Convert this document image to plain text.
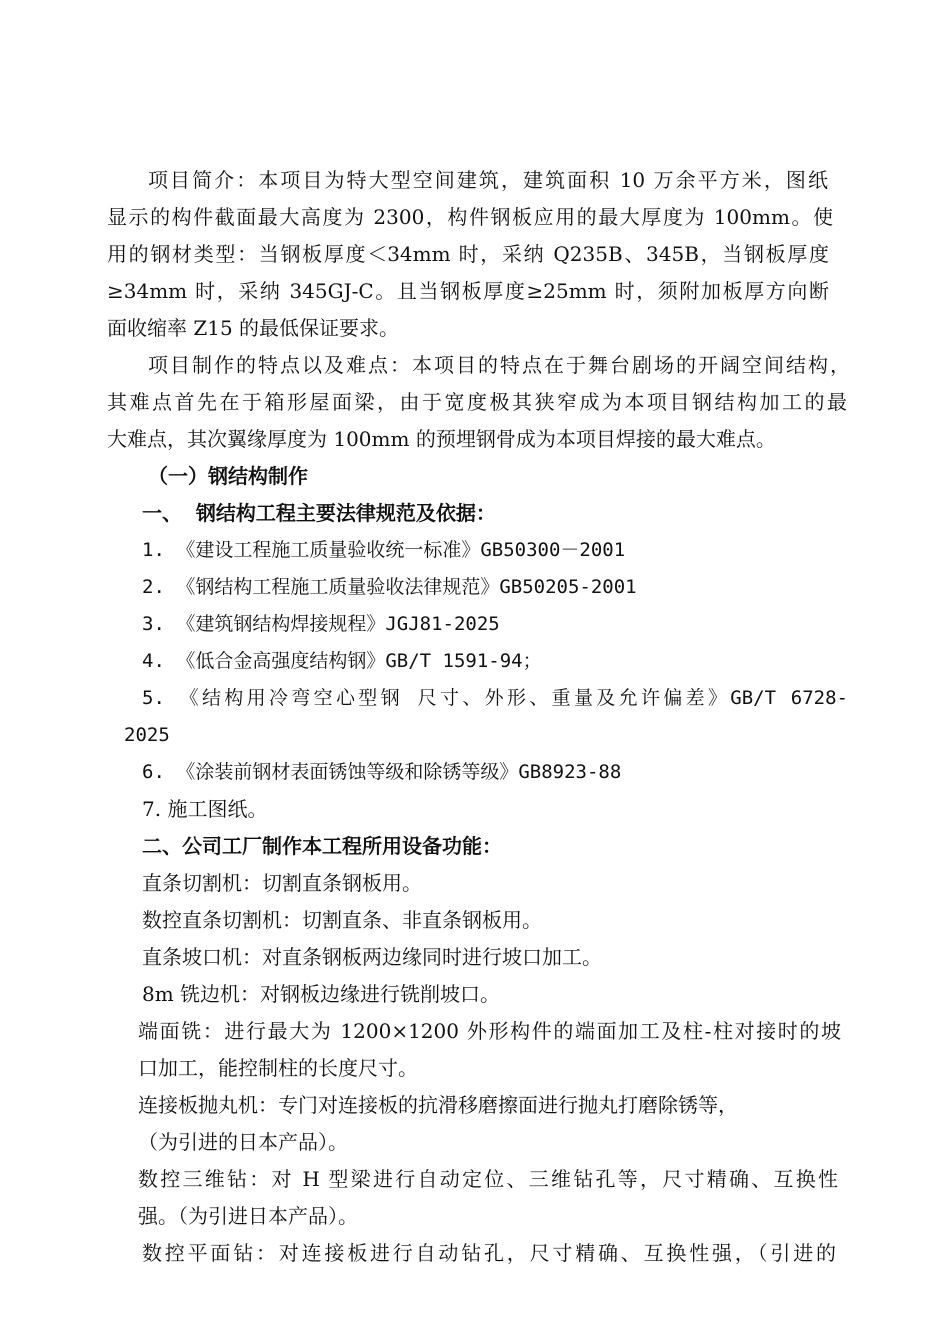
项目简介：本项目为特大型空间建筑，建筑面积 10 万余平方米，图纸
显示的构件截面最大高度为 2300，构件钢板应用的最大厚度为 100mm。使
用的钢材类型：当钢板厚度＜34mm 时，采纳 Q235B、345B，当钢板厚度
≥34mm 时，采纳 345GJ-C。且当钢板厚度≥25mm 时，须附加板厚方向断
面收缩率 Z15 的最低保证要求。
项目制作的特点以及难点：本项目的特点在于舞台剧场的开阔空间结构，
其难点首先在于箱形屋面梁，由于宽度极其狭窄成为本项目钢结构加工的最
大难点，其次翼缘厚度为 100mm 的预埋钢骨成为本项目焊接的最大难点。
（一）钢结构制作
一、  钢结构工程主要法律规范及依据：
1. 《建设工程施工质量验收统一标准》GB50300－2001
2. 《钢结构工程施工质量验收法律规范》GB50205-2001
3. 《建筑钢结构焊接规程》JGJ81-2025
4. 《低合金高强度结构钢》GB/T 1591-94；
5. 《结构用冷弯空心型钢 尺寸、外形、重量及允许偏差》GB/T 6728-
2025
6. 《涂装前钢材表面锈蚀等级和除锈等级》GB8923-88
7. 施工图纸。
二、公司工厂制作本工程所用设备功能：
直条切割机：切割直条钢板用。
数控直条切割机：切割直条、非直条钢板用。
直条坡口机：对直条钢板两边缘同时进行坡口加工。
8m 铣边机：对钢板边缘进行铣削坡口。
端面铣：进行最大为 1200×1200 外形构件的端面加工及柱-柱对接时的坡
口加工，能控制柱的长度尺寸。
连接板抛丸机：专门对连接板的抗滑移磨擦面进行抛丸打磨除锈等，
（为引进的日本产品）。
数控三维钻：对 H 型梁进行自动定位、三维钻孔等，尺寸精确、互换性
强。（为引进日本产品）。
数控平面钻：对连接板进行自动钻孔，尺寸精确、互换性强，（引进的
